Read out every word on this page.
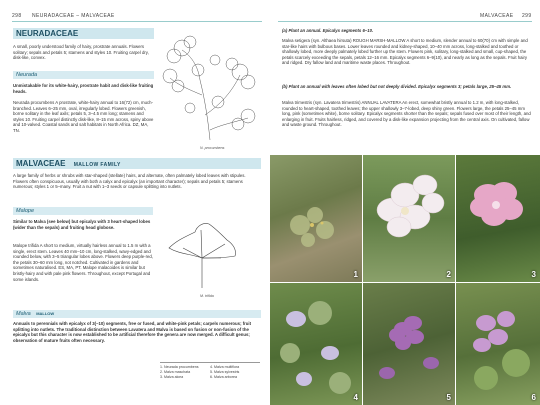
298 NEURADACEAE – MALVACEAE
NEURADACEAE
A small, poorly understood family of hairy, prostrate annuals. Flowers solitary; sepals and petals 5; stamens and styles 10. Fruiting carpel dry, disk-like, convex.
Neurada
Unmistakable for its white-hairy, prostrate habit and disk-like fruiting heads.
Neurada procumbens A prostrate, white-hairy annual to 16(72) cm, much-branched. Leaves 6–25 mm, oval, irregularly lobed. Flowers greenish, borne solitary in the leaf axils; petals 5, 3–4.5 mm long; stamens and styles 10. Fruiting carpel distinctly disk-like, 8–15 mm across, spiny above and 10-valved. Coastal sands and salt habitats in North Africa. DZ, MA, TN.
N. procumbens
MALVACEAE MALLOW FAMILY
A large family of herbs or shrubs with star-shaped (stellate) hairs, and alternate, often palmately lobed leaves with stipules. Flowers often conspicuous, usually with both a calyx and epicalyx (an important character); sepals and petals 5; stamens numerous; styles 1 or 5–many. Fruit a nut with 1–3 seeds or capsule splitting into nutlets.
Malope
Similar to Malva (see below) but epicalyx with 3 heart-shaped lobes (wider than the sepals) and fruiting head globose.
Malope trifida A short to medium, virtually hairless annual to 1.5 m with a single, erect stem. Leaves 40 mm–10 cm, long-stalked, wavy-edged and rounded below, with 3–5 triangular lobes above. Flowers deep purple-red, the petals 30–60 mm long, not notched. Cultivated in gardens and sometimes naturalised. ES, MA, PT. Malope malacoides is similar but bristly-hairy and with pale pink flowers. Throughout, except Portugal and some islands.
M. trifida
Malva MALLOW
Annuals to perennials with epicalyx of 3(–10) segments, free or fused, and white-pink petals; carpels numerous; fruit splitting into nutlets. The traditional distinction between Lavatera and Malva is based on fusion or non-fusion of the epicalyx but this character is now established to be artificial therefore the genera are now merged. A difficult genus; observation of mature fruits often necessary.
1. Neurada procumbens
2. Malva maschata
3. Malva alcea
4. Malva multiflora
5. Malva sylvestris
6. Malva arborea
MALVACEAE 299
(a) Plant an annual. Epicalyx segments 6–10.
Malva setigera (syn. Althaea hirsuta) ROUGH MARSH-MALLOW A short to medium, slender annual to 60(70) cm with simple and star-like hairs with bulbous bases. Lower leaves rounded and kidney-shaped, 10–40 mm across, long-stalked and toothed or shallowly lobed, more deeply palmately lobed further up the stem. Flowers pink, solitary, long-stalked and small, cup-shaped, the petals scarcely exceeding the sepals, petals 12–16 mm. Epicalyx segments 6–9(10), and nearly as long as the sepals. Fruit hairy and ridged. Dry fallow land and maritime waste places. Throughout.
(b) Plant an annual with leaves often lobed but not deeply divided. Epicalyx segments 3; petals large, 25–45 mm.
Malva trimestris (syn. Lavatera trimestris) ANNUAL LAVATERA An erect, somewhat bristly annual to 1.2 m, with long-stalked, rounded to heart-shaped, toothed leaves; the upper shallowly 3–7-lobed, deep shiny green. Flowers large, the petals 25–45 mm long, pink (sometimes white), borne solitary. Epicalyx segments shorter than the sepals; sepals fused over most of their length, and enlarging in fruit. Fruits hairless, ridged, and covered by a disk-like expansion projecting from the central axis. On cultivated, fallow and waste ground. Throughout.
1	2	3
4	5	6
